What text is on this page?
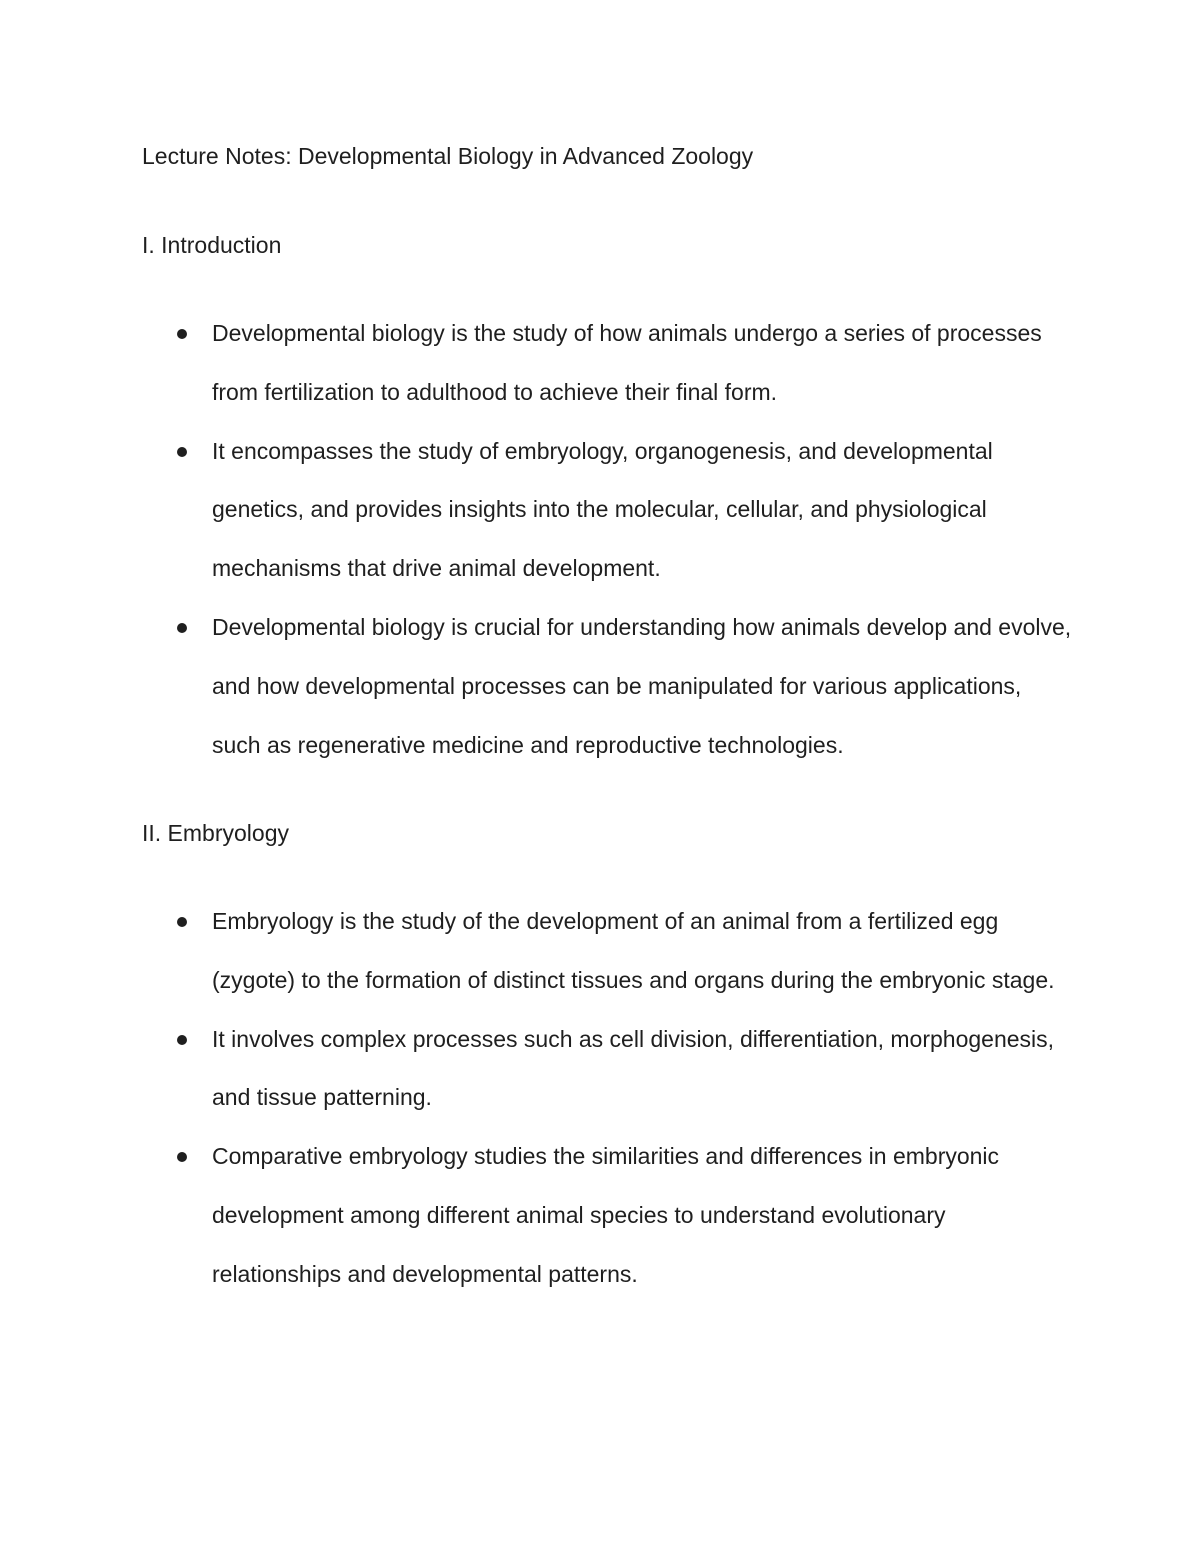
Lecture Notes: Developmental Biology in Advanced Zoology
I. Introduction
Developmental biology is the study of how animals undergo a series of processes from fertilization to adulthood to achieve their final form.
It encompasses the study of embryology, organogenesis, and developmental genetics, and provides insights into the molecular, cellular, and physiological mechanisms that drive animal development.
Developmental biology is crucial for understanding how animals develop and evolve, and how developmental processes can be manipulated for various applications, such as regenerative medicine and reproductive technologies.
II. Embryology
Embryology is the study of the development of an animal from a fertilized egg (zygote) to the formation of distinct tissues and organs during the embryonic stage.
It involves complex processes such as cell division, differentiation, morphogenesis, and tissue patterning.
Comparative embryology studies the similarities and differences in embryonic development among different animal species to understand evolutionary relationships and developmental patterns.
